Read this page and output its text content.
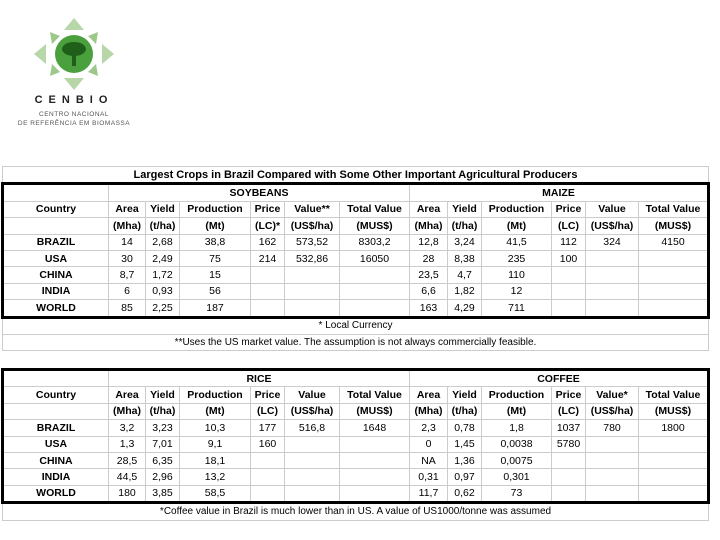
CENBIO
CENTRO NACIONAL
DE REFERÊNCIA EM BIOMASSA
Largest Crops in Brazil Compared with Some Other Important Agricultural Producers												
	SOYBEANS						MAIZE					
Country	Area	Yield	Production	Price	Value**	Total Value	Area	Yield	Production	Price	Value	Total Value
	(Mha)	(t/ha)	(Mt)	(LC)*	(US$/ha)	(MUS$)	(Mha)	(t/ha)	(Mt)	(LC)	(US$/ha)	(MUS$)
BRAZIL	14	2,68	38,8	162	573,52	8303,2	12,8	3,24	41,5	112	324	4150
USA	30	2,49	75	214	532,86	16050	28	8,38	235	100		
CHINA	8,7	1,72	15				23,5	4,7	110			
INDIA	6	0,93	56				6,6	1,82	12			
WORLD	85	2,25	187				163	4,29	711			
* Local Currency												
**Uses the US market value. The assumption is not always commercially feasible.												
	RICE						COFFEE					
Country	Area	Yield	Production	Price	Value	Total Value	Area	Yield	Production	Price	Value*	Total Value
	(Mha)	(t/ha)	(Mt)	(LC)	(US$/ha)	(MUS$)	(Mha)	(t/ha)	(Mt)	(LC)	(US$/ha)	(MUS$)
BRAZIL	3,2	3,23	10,3	177	516,8	1648	2,3	0,78	1,8	1037	780	1800
USA	1,3	7,01	9,1	160			0	1,45	0,0038	5780		
CHINA	28,5	6,35	18,1				NA	1,36	0,0075			
INDIA	44,5	2,96	13,2				0,31	0,97	0,301			
WORLD	180	3,85	58,5				11,7	0,62	73			
*Coffee value in Brazil is much lower than in US. A value of US1000/tonne was assumed												
